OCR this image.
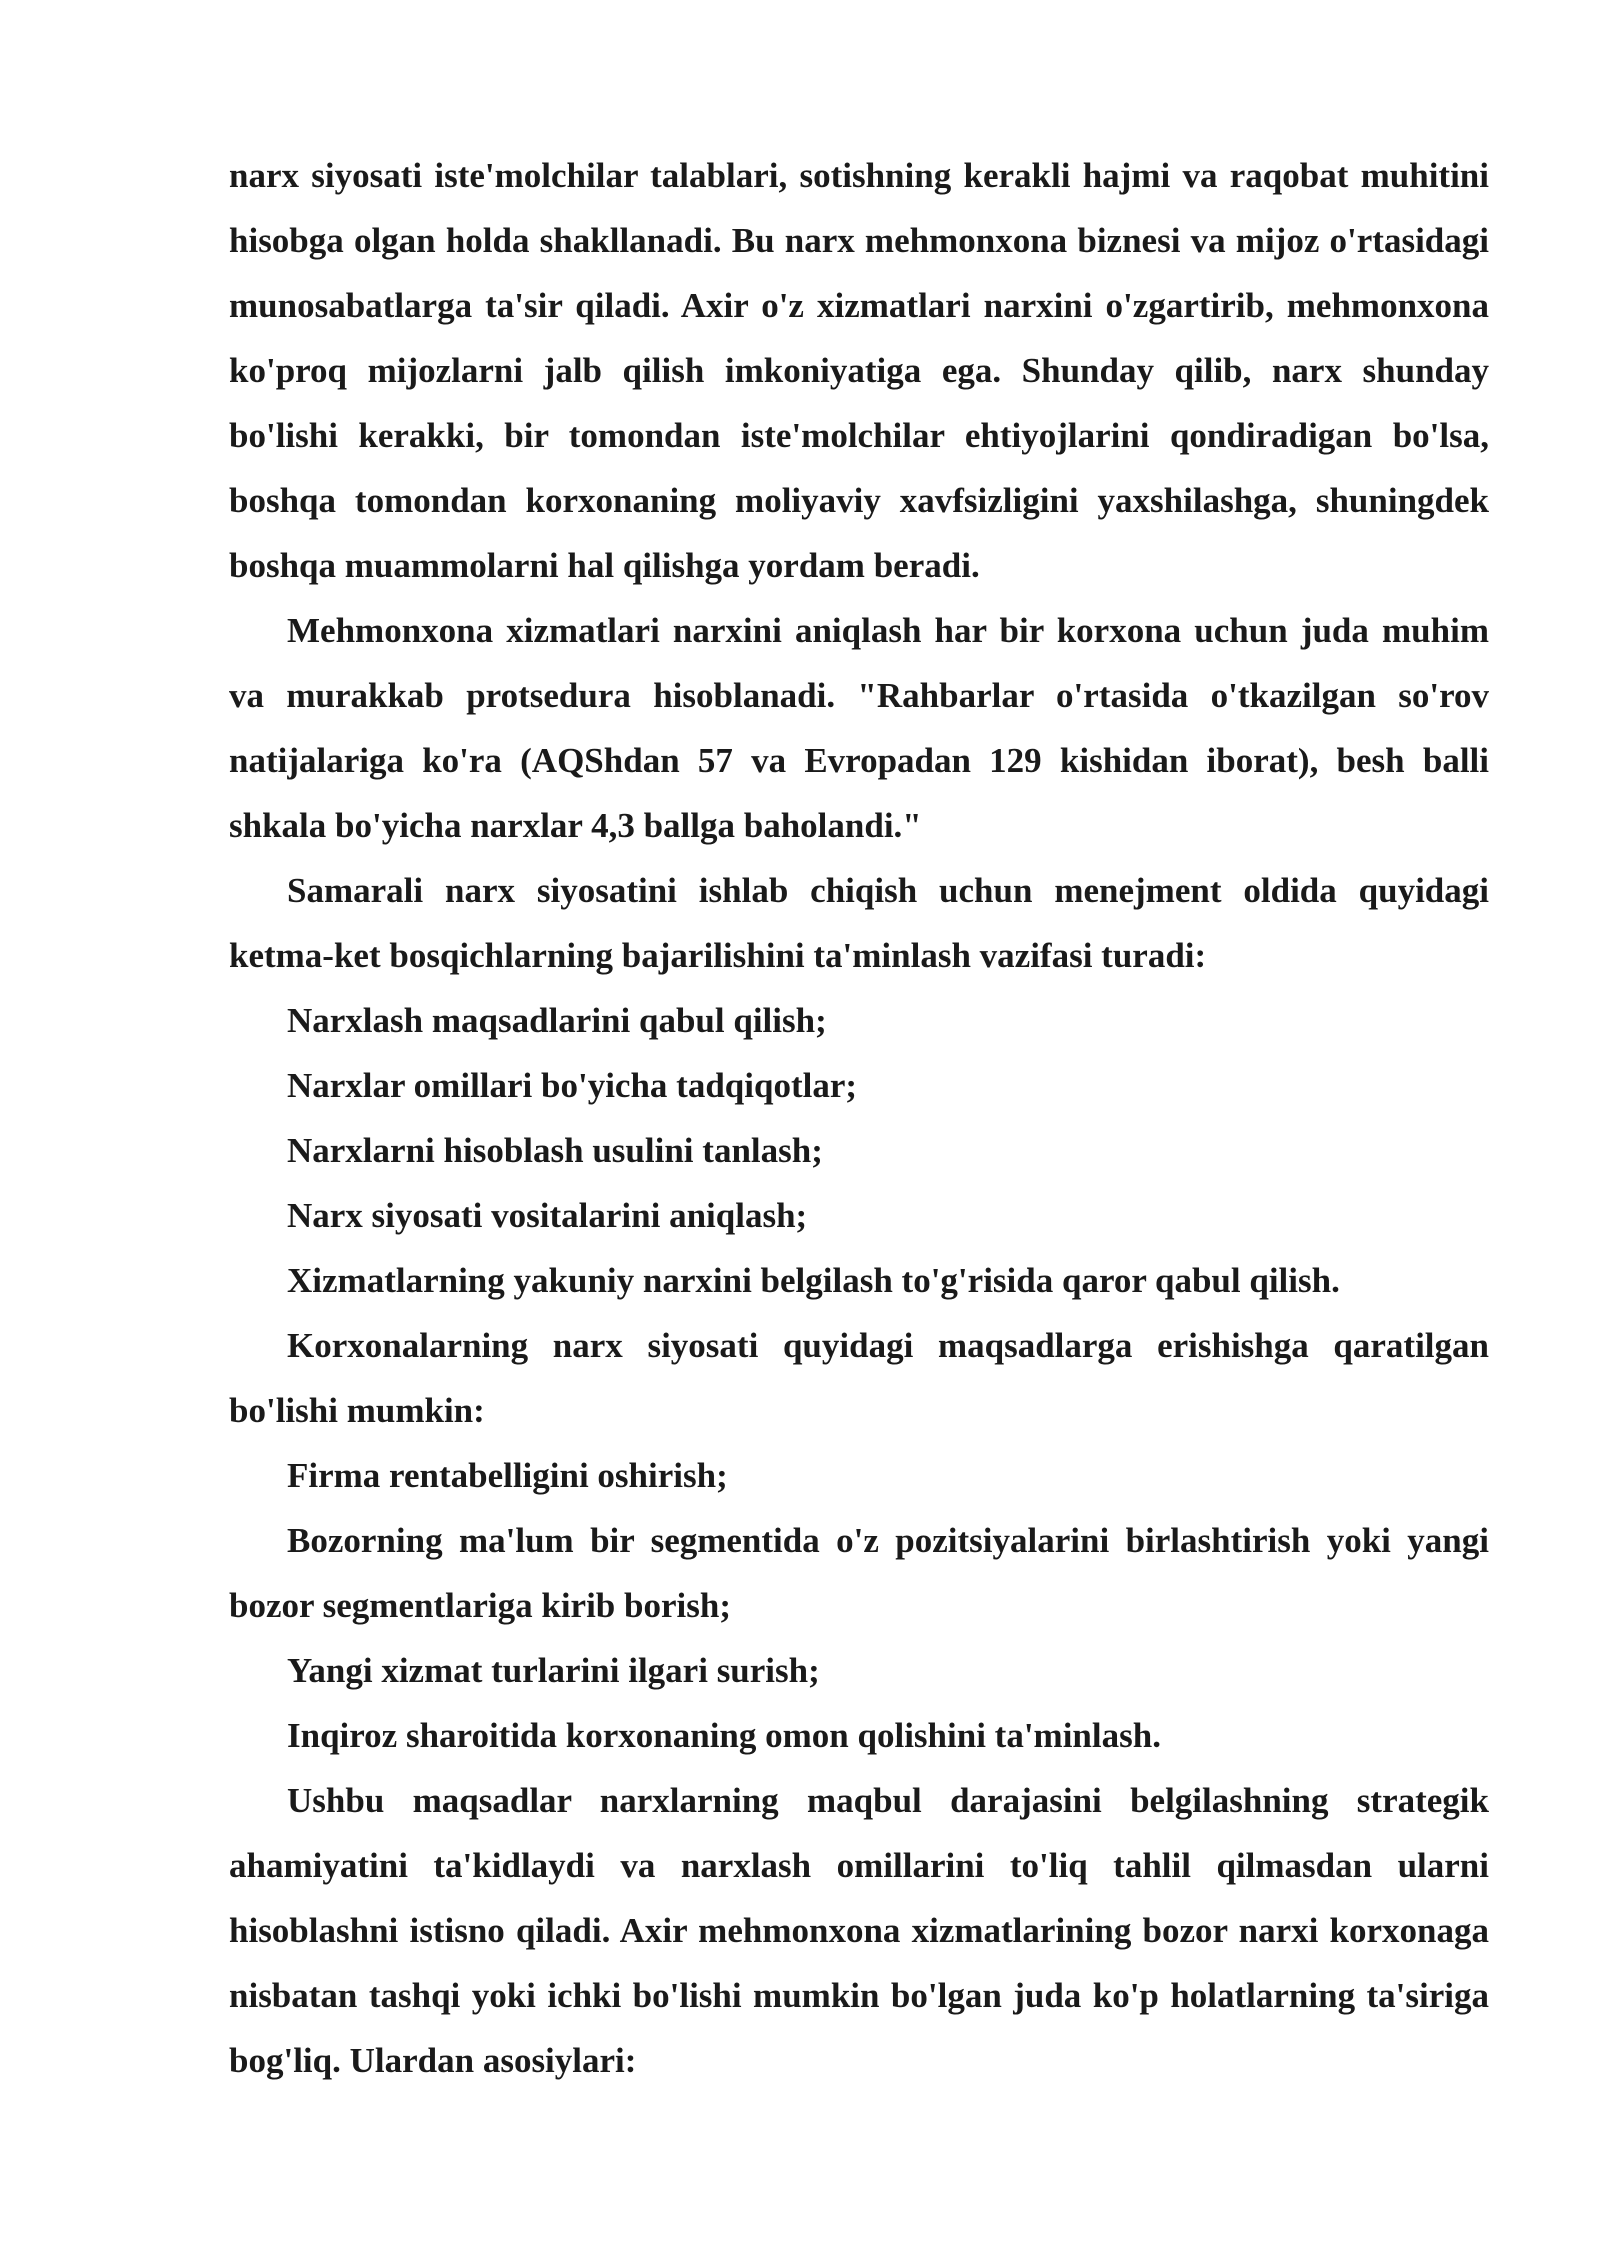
narx siyosati iste'molchilar talablari, sotishning kerakli hajmi va raqobat muhitini hisobga olgan holda shakllanadi. Bu narx mehmonxona biznesi va mijoz o'rtasidagi munosabatlarga ta'sir qiladi. Axir o'z xizmatlari narxini o'zgartirib, mehmonxona ko'proq mijozlarni jalb qilish imkoniyatiga ega. Shunday qilib, narx shunday bo'lishi kerakki, bir tomondan iste'molchilar ehtiyojlarini qondiradigan bo'lsa, boshqa tomondan korxonaning moliyaviy xavfsizligini yaxshilashga, shuningdek boshqa muammolarni hal qilishga yordam beradi.

Mehmonxona xizmatlari narxini aniqlash har bir korxona uchun juda muhim va murakkab protsedura hisoblanadi. "Rahbarlar o'rtasida o'tkazilgan so'rov natijalariga ko'ra (AQShdan 57 va Evropadan 129 kishidan iborat), besh balli shkala bo'yicha narxlar 4,3 ballga baholandi."

Samarali narx siyosatini ishlab chiqish uchun menejment oldida quyidagi ketma-ket bosqichlarning bajarilishini ta'minlash vazifasi turadi:

Narxlash maqsadlarini qabul qilish;

Narxlar omillari bo'yicha tadqiqotlar;

Narxlarni hisoblash usulini tanlash;

Narx siyosati vositalarini aniqlash;

Xizmatlarning yakuniy narxini belgilash to'g'risida qaror qabul qilish.

Korxonalarning narx siyosati quyidagi maqsadlarga erishishga qaratilgan bo'lishi mumkin:

Firma rentabelligini oshirish;

Bozorning ma'lum bir segmentida o'z pozitsiyalarini birlashtirish yoki yangi bozor segmentlariga kirib borish;

Yangi xizmat turlarini ilgari surish;

Inqiroz sharoitida korxonaning omon qolishini ta'minlash.

Ushbu maqsadlar narxlarning maqbul darajasini belgilashning strategik ahamiyatini ta'kidlaydi va narxlash omillarini to'liq tahlil qilmasdan ularni hisoblashni istisno qiladi. Axir mehmonxona xizmatlarining bozor narxi korxonaga nisbatan tashqi yoki ichki bo'lishi mumkin bo'lgan juda ko'p holatlarning ta'siriga bog'liq. Ulardan asosiylari:
